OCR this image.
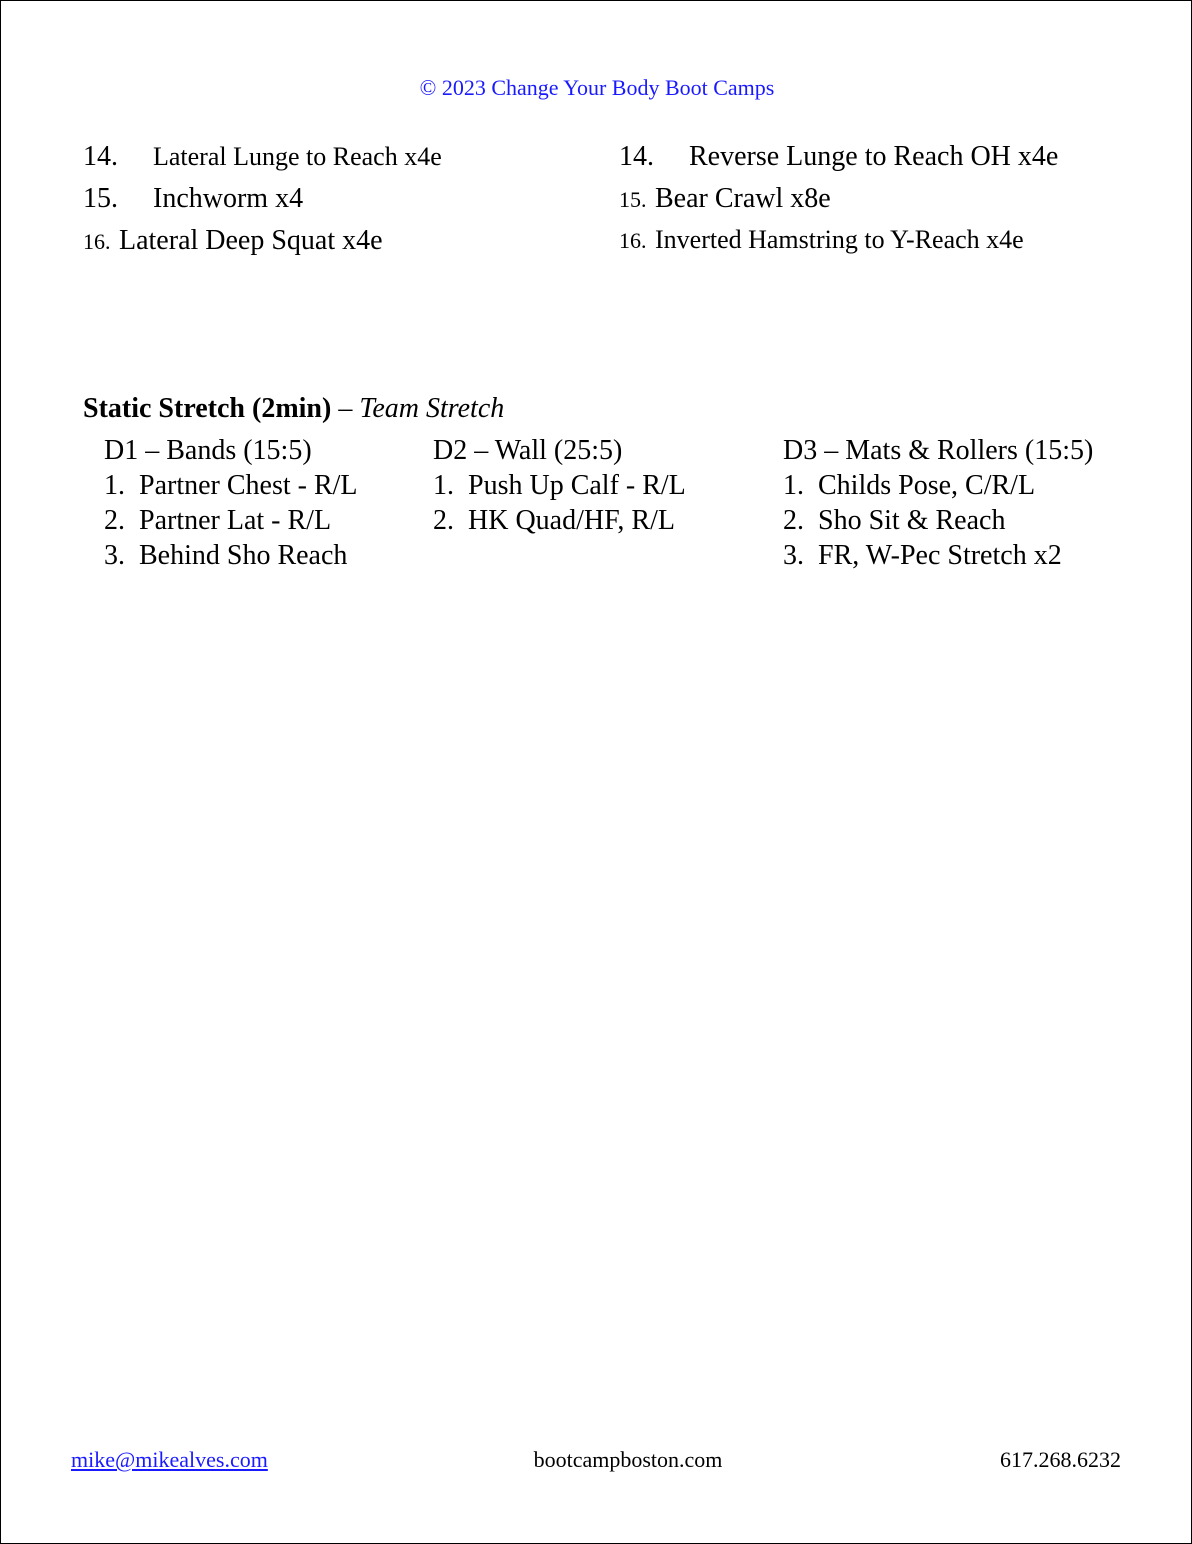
© 2023 Change Your Body Boot Camps
14. Lateral Lunge to Reach x4e
15. Inchworm x4
16. Lateral Deep Squat x4e
14. Reverse Lunge to Reach OH x4e
15. Bear Crawl x8e
16. Inverted Hamstring to Y-Reach x4e
Static Stretch (2min) – Team Stretch
D1 – Bands (15:5)
1. Partner Chest - R/L
2. Partner Lat - R/L
3. Behind Sho Reach
D2 – Wall (25:5)
1. Push Up Calf - R/L
2. HK Quad/HF, R/L
D3 – Mats & Rollers (15:5)
1. Childs Pose, C/R/L
2. Sho Sit & Reach
3. FR, W-Pec Stretch x2
mike@mikealves.com	bootcampboston.com	617.268.6232
